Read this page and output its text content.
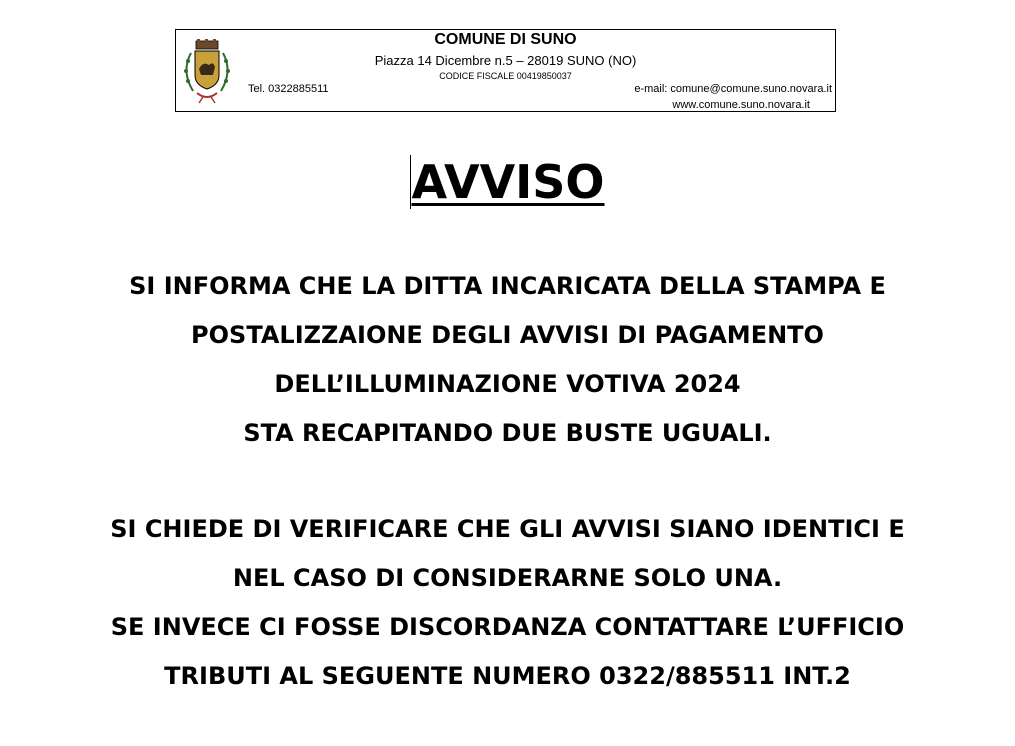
COMUNE DI SUNO
Piazza 14 Dicembre n.5 – 28019 SUNO (NO)
CODICE FISCALE 00419850037
Tel. 0322885511	e-mail: comune@comune.suno.novara.it
www.comune.suno.novara.it
AVVISO
SI INFORMA CHE LA DITTA INCARICATA DELLA STAMPA E
POSTALIZZAIONE DEGLI AVVISI DI PAGAMENTO
DELL’ILLUMINAZIONE VOTIVA 2024
STA RECAPITANDO DUE BUSTE UGUALI.
SI CHIEDE DI VERIFICARE CHE GLI AVVISI SIANO IDENTICI E
NEL CASO DI CONSIDERARNE SOLO UNA.
SE INVECE CI FOSSE DISCORDANZA CONTATTARE L’UFFICIO
TRIBUTI AL SEGUENTE NUMERO 0322/885511 INT.2
